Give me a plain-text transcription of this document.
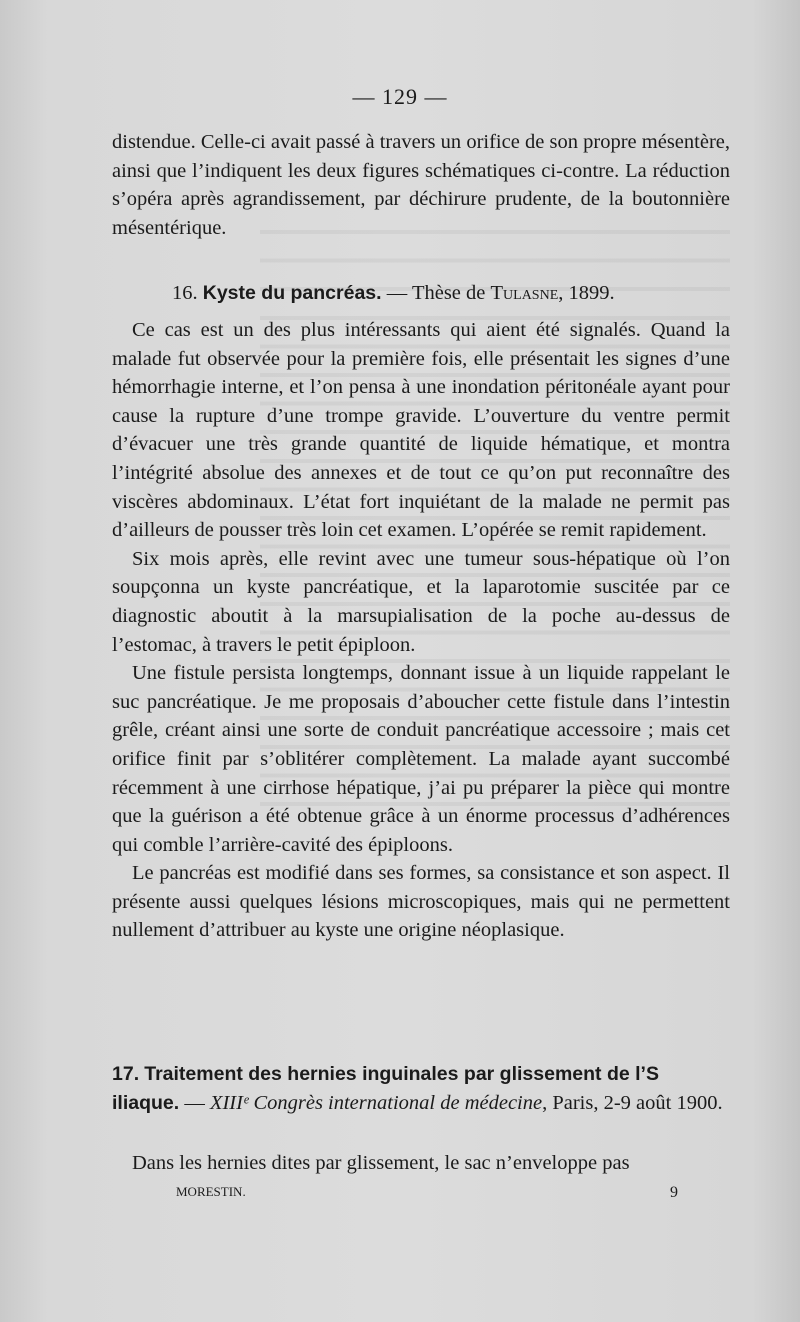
— 129 —

distendue. Celle-ci avait passé à travers un orifice de son propre mésentère, ainsi que l’indiquent les deux figures schématiques ci-contre. La réduction s’opéra après agrandissement, par déchirure prudente, de la boutonnière mésentérique.

16. Kyste du pancréas. — Thèse de Tulasne, 1899.

Ce cas est un des plus intéressants qui aient été signalés. Quand la malade fut observée pour la première fois, elle présentait les signes d’une hémorrhagie interne, et l’on pensa à une inondation péritonéale ayant pour cause la rupture d’une trompe gravide. L’ouverture du ventre permit d’évacuer une très grande quantité de liquide hématique, et montra l’intégrité absolue des annexes et de tout ce qu’on put reconnaître des viscères abdominaux. L’état fort inquiétant de la malade ne permit pas d’ailleurs de pousser très loin cet examen. L’opérée se remit rapidement.

Six mois après, elle revint avec une tumeur sous-hépatique où l’on soupçonna un kyste pancréatique, et la laparotomie suscitée par ce diagnostic aboutit à la marsupialisation de la poche au-dessus de l’estomac, à travers le petit épiploon.

Une fistule persista longtemps, donnant issue à un liquide rappelant le suc pancréatique. Je me proposais d’aboucher cette fistule dans l’intestin grêle, créant ainsi une sorte de conduit pancréatique accessoire ; mais cet orifice finit par s’oblitérer complètement. La malade ayant succombé récemment à une cirrhose hépatique, j’ai pu préparer la pièce qui montre que la guérison a été obtenue grâce à un énorme processus d’adhérences qui comble l’arrière-cavité des épiploons.

Le pancréas est modifié dans ses formes, sa consistance et son aspect. Il présente aussi quelques lésions microscopiques, mais qui ne permettent nullement d’attribuer au kyste une origine néoplasique.

17. Traitement des hernies inguinales par glissement de l’S iliaque. — XIIIᵉ Congrès international de médecine, Paris, 2-9 août 1900.

Dans les hernies dites par glissement, le sac n’enveloppe pas

MORESTIN.	9
